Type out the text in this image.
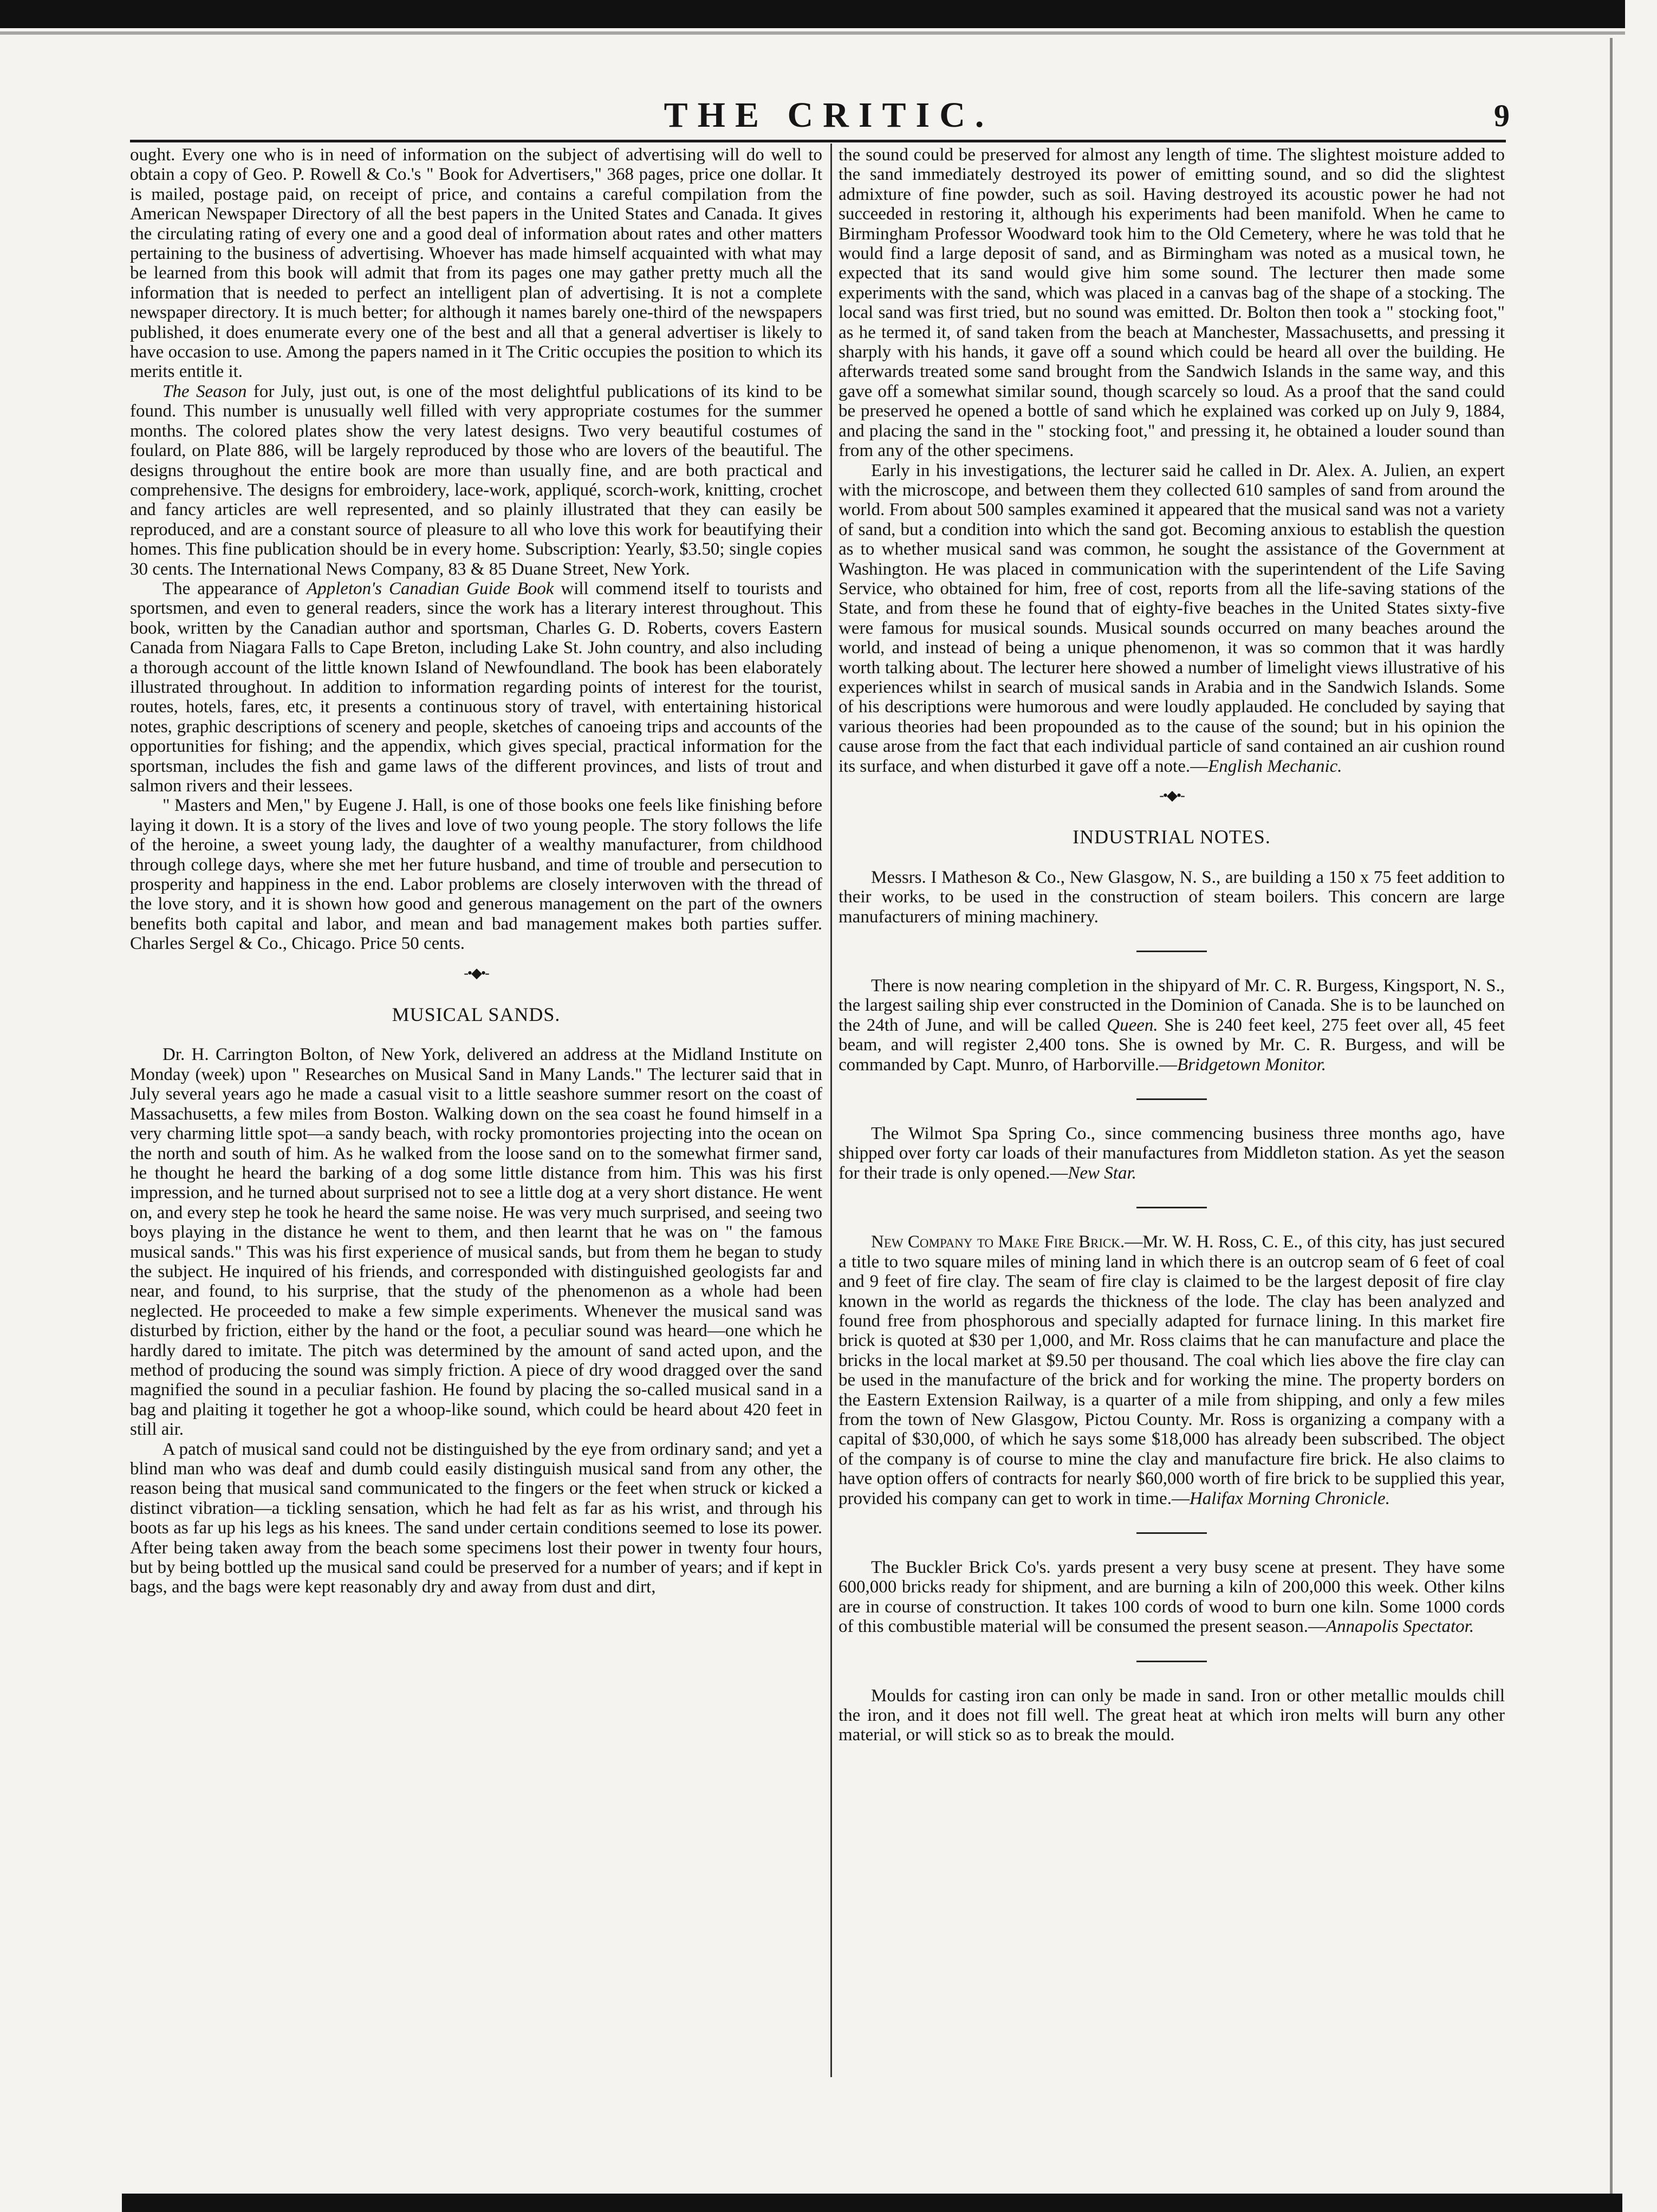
THE CRITIC.	9

ought. Every one who is in need of information on the subject of advertising will do well to obtain a copy of Geo. P. Rowell & Co.'s " Book for Advertisers," 368 pages, price one dollar. It is mailed, postage paid, on receipt of price, and contains a careful compilation from the American Newspaper Directory of all the best papers in the United States and Canada. It gives the circulating rating of every one and a good deal of information about rates and other matters pertaining to the business of advertising. Whoever has made himself acquainted with what may be learned from this book will admit that from its pages one may gather pretty much all the information that is needed to perfect an intelligent plan of advertising. It is not a complete newspaper directory. It is much better; for although it names barely one-third of the newspapers published, it does enumerate every one of the best and all that a general advertiser is likely to have occasion to use. Among the papers named in it The Critic occupies the position to which its merits entitle it.

The Season for July, just out, is one of the most delightful publications of its kind to be found. This number is unusually well filled with very appropriate costumes for the summer months. The colored plates show the very latest designs. Two very beautiful costumes of foulard, on Plate 886, will be largely reproduced by those who are lovers of the beautiful. The designs throughout the entire book are more than usually fine, and are both practical and comprehensive. The designs for embroidery, lace-work, appliqué, scorch-work, knitting, crochet and fancy articles are well represented, and so plainly illustrated that they can easily be reproduced, and are a constant source of pleasure to all who love this work for beautifying their homes. This fine publication should be in every home. Subscription: Yearly, $3.50; single copies 30 cents. The International News Company, 83 & 85 Duane Street, New York.

The appearance of Appleton's Canadian Guide Book will commend itself to tourists and sportsmen, and even to general readers, since the work has a literary interest throughout. This book, written by the Canadian author and sportsman, Charles G. D. Roberts, covers Eastern Canada from Niagara Falls to Cape Breton, including Lake St. John country, and also including a thorough account of the little known Island of Newfoundland. The book has been elaborately illustrated throughout. In addition to information regarding points of interest for the tourist, routes, hotels, fares, etc, it presents a continuous story of travel, with entertaining historical notes, graphic descriptions of scenery and people, sketches of canoeing trips and accounts of the opportunities for fishing; and the appendix, which gives special, practical information for the sportsman, includes the fish and game laws of the different provinces, and lists of trout and salmon rivers and their lessees.

" Masters and Men," by Eugene J. Hall, is one of those books one feels like finishing before laying it down. It is a story of the lives and love of two young people. The story follows the life of the heroine, a sweet young lady, the daughter of a wealthy manufacturer, from childhood through college days, where she met her future husband, and time of trouble and persecution to prosperity and happiness in the end. Labor problems are closely interwoven with the thread of the love story, and it is shown how good and generous management on the part of the owners benefits both capital and labor, and mean and bad management makes both parties suffer. Charles Sergel & Co., Chicago. Price 50 cents.

-•◆•-
MUSICAL SANDS.

Dr. H. Carrington Bolton, of New York, delivered an address at the Midland Institute on Monday (week) upon " Researches on Musical Sand in Many Lands." The lecturer said that in July several years ago he made a casual visit to a little seashore summer resort on the coast of Massachusetts, a few miles from Boston. Walking down on the sea coast he found himself in a very charming little spot—a sandy beach, with rocky promontories projecting into the ocean on the north and south of him. As he walked from the loose sand on to the somewhat firmer sand, he thought he heard the barking of a dog some little distance from him. This was his first impression, and he turned about surprised not to see a little dog at a very short distance. He went on, and every step he took he heard the same noise. He was very much surprised, and seeing two boys playing in the distance he went to them, and then learnt that he was on " the famous musical sands." This was his first experience of musical sands, but from them he began to study the subject. He inquired of his friends, and corresponded with distinguished geologists far and near, and found, to his surprise, that the study of the phenomenon as a whole had been neglected. He proceeded to make a few simple experiments. Whenever the musical sand was disturbed by friction, either by the hand or the foot, a peculiar sound was heard—one which he hardly dared to imitate. The pitch was determined by the amount of sand acted upon, and the method of producing the sound was simply friction. A piece of dry wood dragged over the sand magnified the sound in a peculiar fashion. He found by placing the so-called musical sand in a bag and plaiting it together he got a whoop-like sound, which could be heard about 420 feet in still air.

A patch of musical sand could not be distinguished by the eye from ordinary sand; and yet a blind man who was deaf and dumb could easily distinguish musical sand from any other, the reason being that musical sand communicated to the fingers or the feet when struck or kicked a distinct vibration—a tickling sensation, which he had felt as far as his wrist, and through his boots as far up his legs as his knees. The sand under certain conditions seemed to lose its power. After being taken away from the beach some specimens lost their power in twenty four hours, but by being bottled up the musical sand could be preserved for a number of years; and if kept in bags, and the bags were kept reasonably dry and away from dust and dirt,

the sound could be preserved for almost any length of time. The slightest moisture added to the sand immediately destroyed its power of emitting sound, and so did the slightest admixture of fine powder, such as soil. Having destroyed its acoustic power he had not succeeded in restoring it, although his experiments had been manifold. When he came to Birmingham Professor Woodward took him to the Old Cemetery, where he was told that he would find a large deposit of sand, and as Birmingham was noted as a musical town, he expected that its sand would give him some sound. The lecturer then made some experiments with the sand, which was placed in a canvas bag of the shape of a stocking. The local sand was first tried, but no sound was emitted. Dr. Bolton then took a " stocking foot," as he termed it, of sand taken from the beach at Manchester, Massachusetts, and pressing it sharply with his hands, it gave off a sound which could be heard all over the building. He afterwards treated some sand brought from the Sandwich Islands in the same way, and this gave off a somewhat similar sound, though scarcely so loud. As a proof that the sand could be preserved he opened a bottle of sand which he explained was corked up on July 9, 1884, and placing the sand in the " stocking foot," and pressing it, he obtained a louder sound than from any of the other specimens.

Early in his investigations, the lecturer said he called in Dr. Alex. A. Julien, an expert with the microscope, and between them they collected 610 samples of sand from around the world. From about 500 samples examined it appeared that the musical sand was not a variety of sand, but a condition into which the sand got. Becoming anxious to establish the question as to whether musical sand was common, he sought the assistance of the Government at Washington. He was placed in communication with the superintendent of the Life Saving Service, who obtained for him, free of cost, reports from all the life-saving stations of the State, and from these he found that of eighty-five beaches in the United States sixty-five were famous for musical sounds. Musical sounds occurred on many beaches around the world, and instead of being a unique phenomenon, it was so common that it was hardly worth talking about. The lecturer here showed a number of limelight views illustrative of his experiences whilst in search of musical sands in Arabia and in the Sandwich Islands. Some of his descriptions were humorous and were loudly applauded. He concluded by saying that various theories had been propounded as to the cause of the sound; but in his opinion the cause arose from the fact that each individual particle of sand contained an air cushion round its surface, and when disturbed it gave off a note.—English Mechanic.

-•◆•-
INDUSTRIAL NOTES.

Messrs. I Matheson & Co., New Glasgow, N. S., are building a 150 x 75 feet addition to their works, to be used in the construction of steam boilers. This concern are large manufacturers of mining machinery.

There is now nearing completion in the shipyard of Mr. C. R. Burgess, Kingsport, N. S., the largest sailing ship ever constructed in the Dominion of Canada. She is to be launched on the 24th of June, and will be called Queen. She is 240 feet keel, 275 feet over all, 45 feet beam, and will register 2,400 tons. She is owned by Mr. C. R. Burgess, and will be commanded by Capt. Munro, of Harborville.—Bridgetown Monitor.

The Wilmot Spa Spring Co., since commencing business three months ago, have shipped over forty car loads of their manufactures from Middleton station. As yet the season for their trade is only opened.—New Star.

New Company to Make Fire Brick.—Mr. W. H. Ross, C. E., of this city, has just secured a title to two square miles of mining land in which there is an outcrop seam of 6 feet of coal and 9 feet of fire clay. The seam of fire clay is claimed to be the largest deposit of fire clay known in the world as regards the thickness of the lode. The clay has been analyzed and found free from phosphorous and specially adapted for furnace lining. In this market fire brick is quoted at $30 per 1,000, and Mr. Ross claims that he can manufacture and place the bricks in the local market at $9.50 per thousand. The coal which lies above the fire clay can be used in the manufacture of the brick and for working the mine. The property borders on the Eastern Extension Railway, is a quarter of a mile from shipping, and only a few miles from the town of New Glasgow, Pictou County. Mr. Ross is organizing a company with a capital of $30,000, of which he says some $18,000 has already been subscribed. The object of the company is of course to mine the clay and manufacture fire brick. He also claims to have option offers of contracts for nearly $60,000 worth of fire brick to be supplied this year, provided his company can get to work in time.—Halifax Morning Chronicle.

The Buckler Brick Co's. yards present a very busy scene at present. They have some 600,000 bricks ready for shipment, and are burning a kiln of 200,000 this week. Other kilns are in course of construction. It takes 100 cords of wood to burn one kiln. Some 1000 cords of this combustible material will be consumed the present season.—Annapolis Spectator.

Moulds for casting iron can only be made in sand. Iron or other metallic moulds chill the iron, and it does not fill well. The great heat at which iron melts will burn any other material, or will stick so as to break the mould.
